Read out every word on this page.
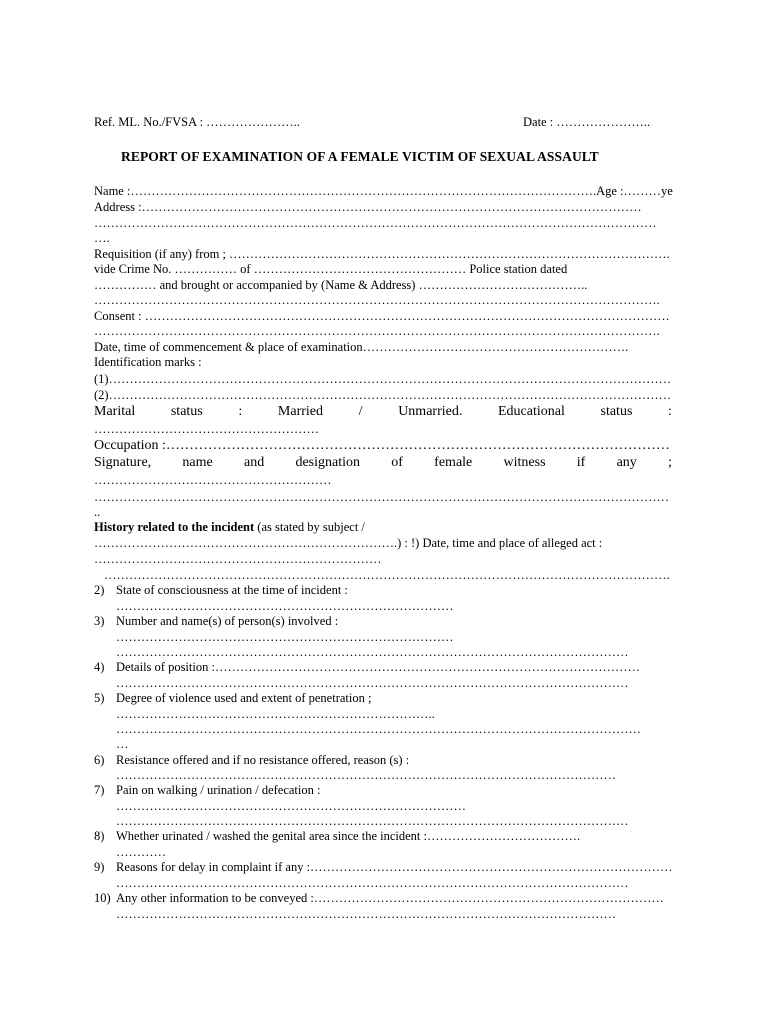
Ref. ML. No./FVSA : …………………..	Date : …………………..
REPORT OF EXAMINATION OF A FEMALE VICTIM OF SEXUAL ASSAULT
Name :………………………………………………………………………………………………….Age :………ye
Address :…………………………………………………………………………………………………………
………………………………………………………………………………………………………………………
….
Requisition (if any) from ; …………………………………………………………………………………………….
vide Crime No. …………… of …………………………………………… Police station dated
…………… and brought or accompanied by (Name & Address) …………………………………..
……………………………………………………………………………………………………………………….
Consent : ………………………………………………………………………………………………………………
……………………………………………………………………………………………………………………….
Date, time of commencement & place of examination……………………………………………………….
Identification marks :
(1)………………………………………………………………………………………………………………………
(2)………………………………………………………………………………………………………………………
Marital	status	:	Married	/	Unmarried.	Educational	status	:
………………………………………………
Occupation :………………………………………………………………………………………………
Signature, name and designation of female witness if any ;
…………………………………………………
…………………………………………………………………………………………………………………………
..
History related to the incident (as stated by subject /
……………………………………………………………….) : !) Date, time and place of alleged act :
……………………………………………………………
……………………………………………………………………………………………………………………….
2) State of consciousness at the time of incident :
………………………………………………………………………
3) Number and name(s) of person(s) involved :
………………………………………………………………………
……………………………………………………………………………………………………………
4) Details of position :…………………………………………………………………………………………
……………………………………………………………………………………………………………
5) Degree of violence used and extent of penetration ;
…………………………………………………………………..
………………………………………………………………………………………………………………
…
6) Resistance offered and if no resistance offered, reason (s) :
…………………………………………………………………………………………………………
7) Pain on walking / urination / defecation :
…………………………………………………………………………
……………………………………………………………………………………………………………
8) Whether urinated / washed the genital area since the incident :……………………………….
…………
9) Reasons for delay in complaint if any :……………………………………………………………………………
……………………………………………………………………………………………………………
10) Any other information to be conveyed :…………………………………………………………………………
…………………………………………………………………………………………………………
